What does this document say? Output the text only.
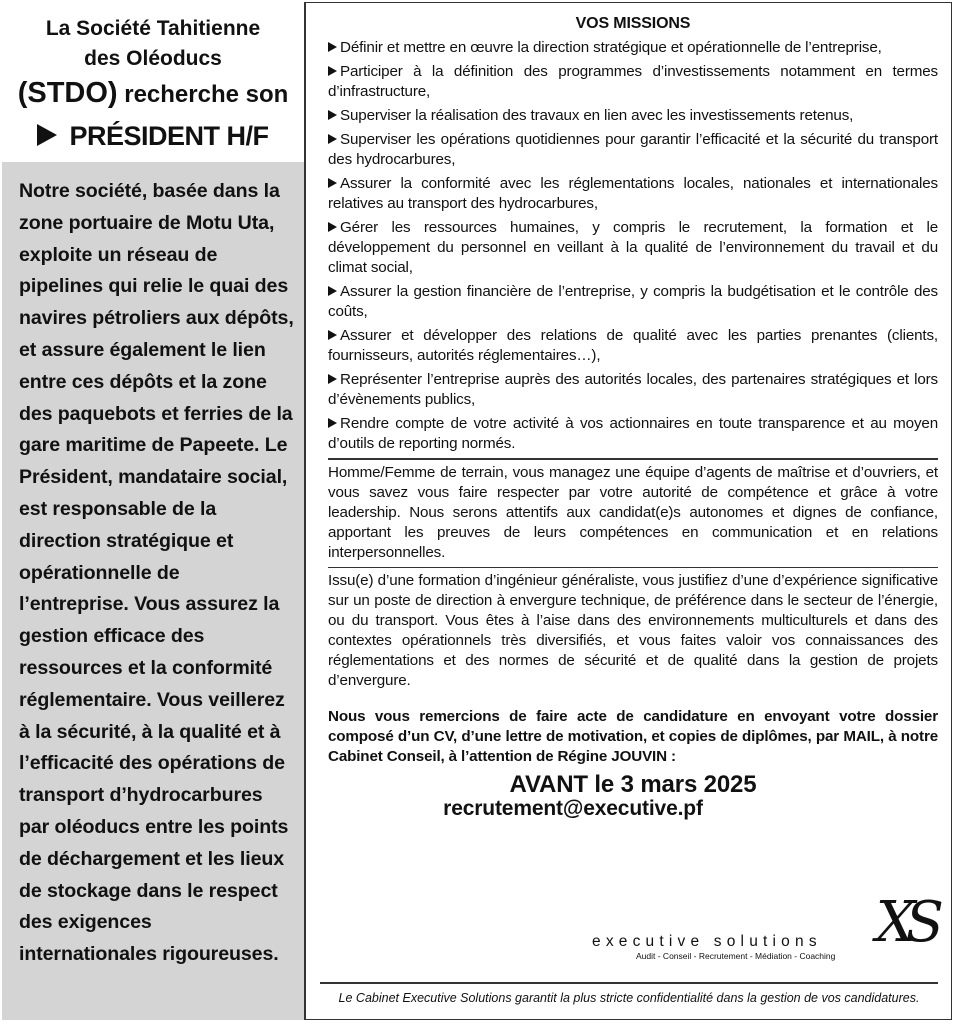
La Société Tahitienne
des Oléoducs
(STDO) recherche son
PRÉSIDENT H/F

Notre société, basée dans la zone portuaire de Motu Uta, exploite un réseau de pipelines qui relie le quai des navires pétroliers aux dépôts, et assure également le lien entre ces dépôts et la zone des paquebots et ferries de la gare maritime de Papeete. Le Président, mandataire social, est responsable de la direction stratégique et opérationnelle de l’entreprise. Vous assurez la gestion efficace des ressources et la conformité réglementaire. Vous veillerez à la sécurité, à la qualité et à l’efficacité des opérations de transport d’hydrocarbures par oléoducs entre les points de déchargement et les lieux de stockage dans le respect des exigences internationales rigoureuses.

VOS MISSIONS

Définir et mettre en œuvre la direction stratégique et opérationnelle de l’entreprise,

Participer à la définition des programmes d’investissements notamment en termes d’infrastructure,

Superviser la réalisation des travaux en lien avec les investissements retenus,

Superviser les opérations quotidiennes pour garantir l’efficacité et la sécurité du transport des hydrocarbures,

Assurer la conformité avec les réglementations locales, nationales et internationales relatives au transport des hydrocarbures,

Gérer les ressources humaines, y compris le recrutement, la formation et le développement du personnel en veillant à la qualité de l’environnement du travail et du climat social,

Assurer la gestion financière de l’entreprise, y compris la budgétisation et le contrôle des coûts,

Assurer et développer des relations de qualité avec les parties prenantes (clients, fournisseurs, autorités réglementaires…),

Représenter l’entreprise auprès des autorités locales, des partenaires stratégiques et lors d’évènements publics,

Rendre compte de votre activité à vos actionnaires en toute transparence et au moyen d’outils de reporting normés.

Homme/Femme de terrain, vous managez une équipe d’agents de maîtrise et d’ouvriers, et vous savez vous faire respecter par votre autorité de compétence et grâce à votre leadership. Nous serons attentifs aux candidat(e)s autonomes et dignes de confiance, apportant les preuves de leurs compétences en communication et en relations interpersonnelles.

Issu(e) d’une formation d’ingénieur généraliste, vous justifiez d’une d’expérience significative sur un poste de direction à envergure technique, de préférence dans le secteur de l’énergie, ou du transport. Vous êtes à l’aise dans des environnements multiculturels et dans des contextes opérationnels très diversifiés, et vous faites valoir vos connaissances des réglementations et des normes de sécurité et de qualité dans la gestion de projets d’envergure.

Nous vous remercions de faire acte de candidature en envoyant votre dossier composé d’un CV, d’une lettre de motivation, et copies de diplômes, par MAIL, à notre Cabinet Conseil, à l’attention de Régine JOUVIN :

AVANT le 3 mars 2025
recrutement@executive.pf
XS
executive solutions
Audit - Conseil - Recrutement - Médiation - Coaching
Le Cabinet Executive Solutions garantit la plus stricte confidentialité dans la gestion de vos candidatures.
